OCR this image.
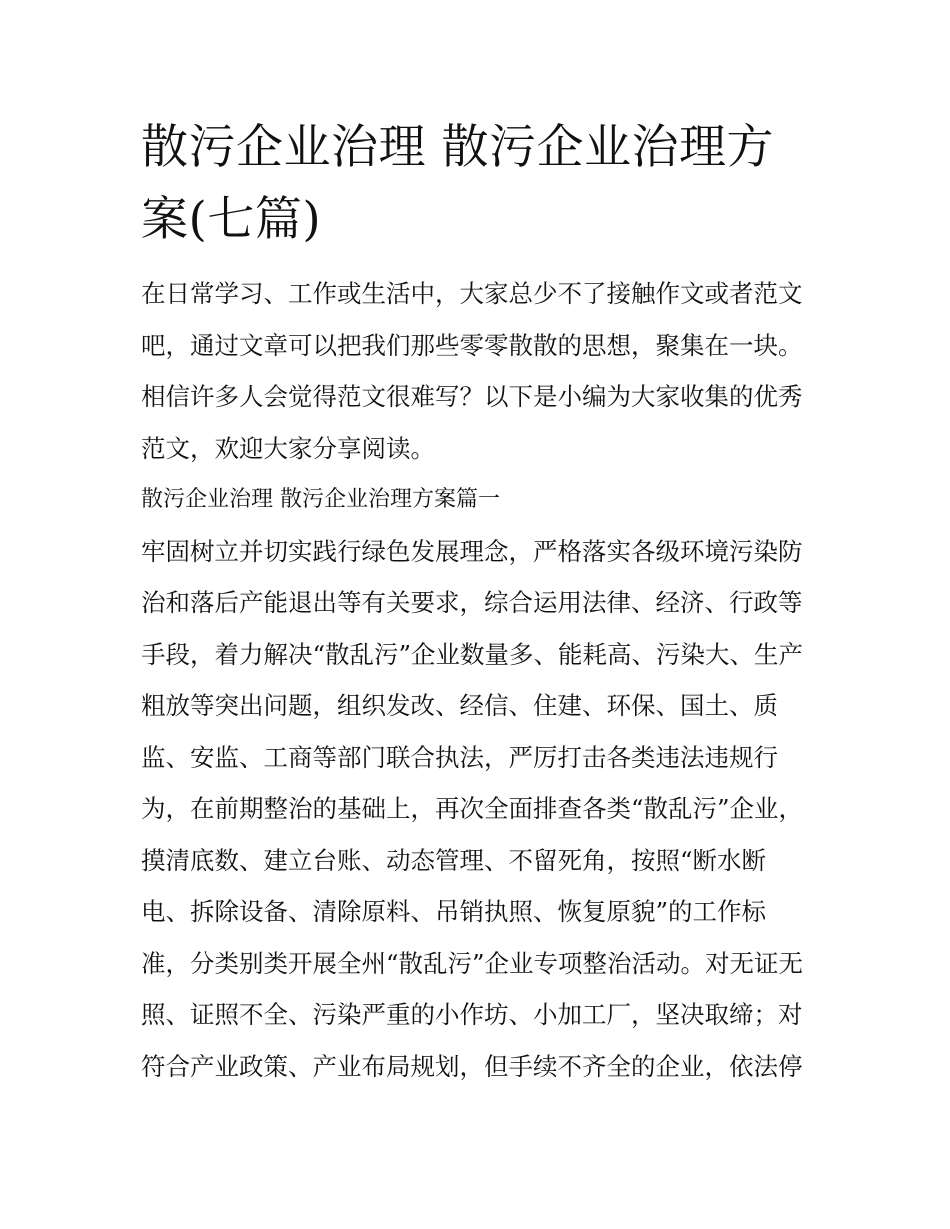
散污企业治理 散污企业治理方
案(七篇)
在日常学习、工作或生活中，大家总少不了接触作文或者范文
吧，通过文章可以把我们那些零零散散的思想，聚集在一块。
相信许多人会觉得范文很难写？以下是小编为大家收集的优秀
范文，欢迎大家分享阅读。
散污企业治理 散污企业治理方案篇一
牢固树立并切实践行绿色发展理念，严格落实各级环境污染防
治和落后产能退出等有关要求，综合运用法律、经济、行政等
手段，着力解决“散乱污”企业数量多、能耗高、污染大、生产
粗放等突出问题，组织发改、经信、住建、环保、国土、质
监、安监、工商等部门联合执法，严厉打击各类违法违规行
为，在前期整治的基础上，再次全面排查各类“散乱污”企业，
摸清底数、建立台账、动态管理、不留死角，按照“断水断
电、拆除设备、清除原料、吊销执照、恢复原貌”的工作标
准，分类别类开展全州“散乱污”企业专项整治活动。对无证无
照、证照不全、污染严重的小作坊、小加工厂，坚决取缔；对
符合产业政策、产业布局规划，但手续不齐全的企业，依法停
